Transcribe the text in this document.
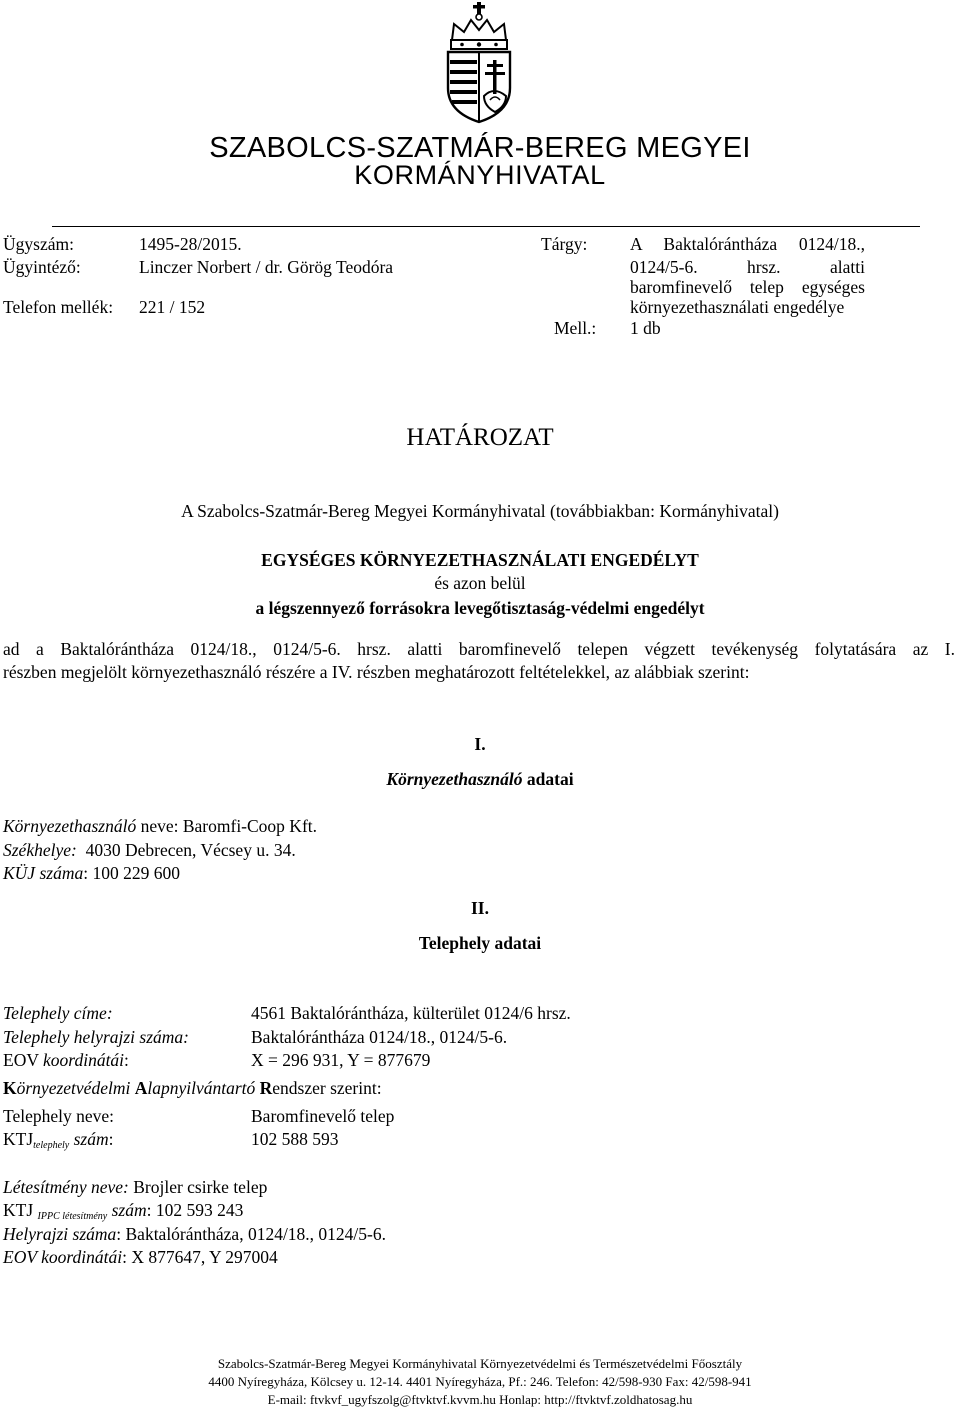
SZABOLCS-SZATMÁR-BEREG MEGYEI
KORMÁNYHIVATAL
Ügyszám:	1495-28/2015.
Ügyintéző:	Linczer Norbert / dr. Görög Teodóra
Telefon mellék: 221 / 152
Tárgy: A Baktalórántháza 0124/18.,
0124/5-6. hrsz. alatti
baromfinevelő telep egységes
környezethasználati engedélye
Mell.: 1 db
HATÁROZAT
A Szabolcs-Szatmár-Bereg Megyei Kormányhivatal (továbbiakban: Kormányhivatal)
EGYSÉGES KÖRNYEZETHASZNÁLATI ENGEDÉLYT
és azon belül
a légszennyező forrásokra levegőtisztaság-védelmi engedélyt
ad a Baktalórántháza 0124/18., 0124/5-6. hrsz. alatti baromfinevelő telepen végzett tevékenység folytatására az I.
részben megjelölt környezethasználó részére a IV. részben meghatározott feltételekkel, az alábbiak szerint:
I.
Környezethasználó adatai
Környezethasználó neve: Baromfi-Coop Kft.
Székhelye: 4030 Debrecen, Vécsey u. 34.
KÜJ száma: 100 229 600
II.
Telephely adatai
Telephely címe:	4561 Baktalórántháza, külterület 0124/6 hrsz.
Telephely helyrajzi száma:	Baktalórántháza 0124/18., 0124/5-6.
EOV koordinátái:	X = 296 931, Y = 877679
Környezetvédelmi Alapnyilvántartó Rendszer szerint:
Telephely neve:	Baromfinevelő telep
$KTJ_{telephely}$ szám:	102 588 593
Létesítmény neve: Brojler csirke telep
KTJ $_{IPPC létesítmény}$ szám: 102 593 243
Helyrajzi száma: Baktalórántháza, 0124/18., 0124/5-6.
EOV koordinátái: X 877647, Y 297004
Szabolcs-Szatmár-Bereg Megyei Kormányhivatal Környezetvédelmi és Természetvédelmi Főosztály
4400 Nyíregyháza, Kölcsey u. 12-14. 4401 Nyíregyháza, Pf.: 246. Telefon: 42/598-930 Fax: 42/598-941
E-mail: ftvkvf_ugyfszolg@ftvktvf.kvvm.hu Honlap: http://ftvktvf.zoldhatosag.hu
